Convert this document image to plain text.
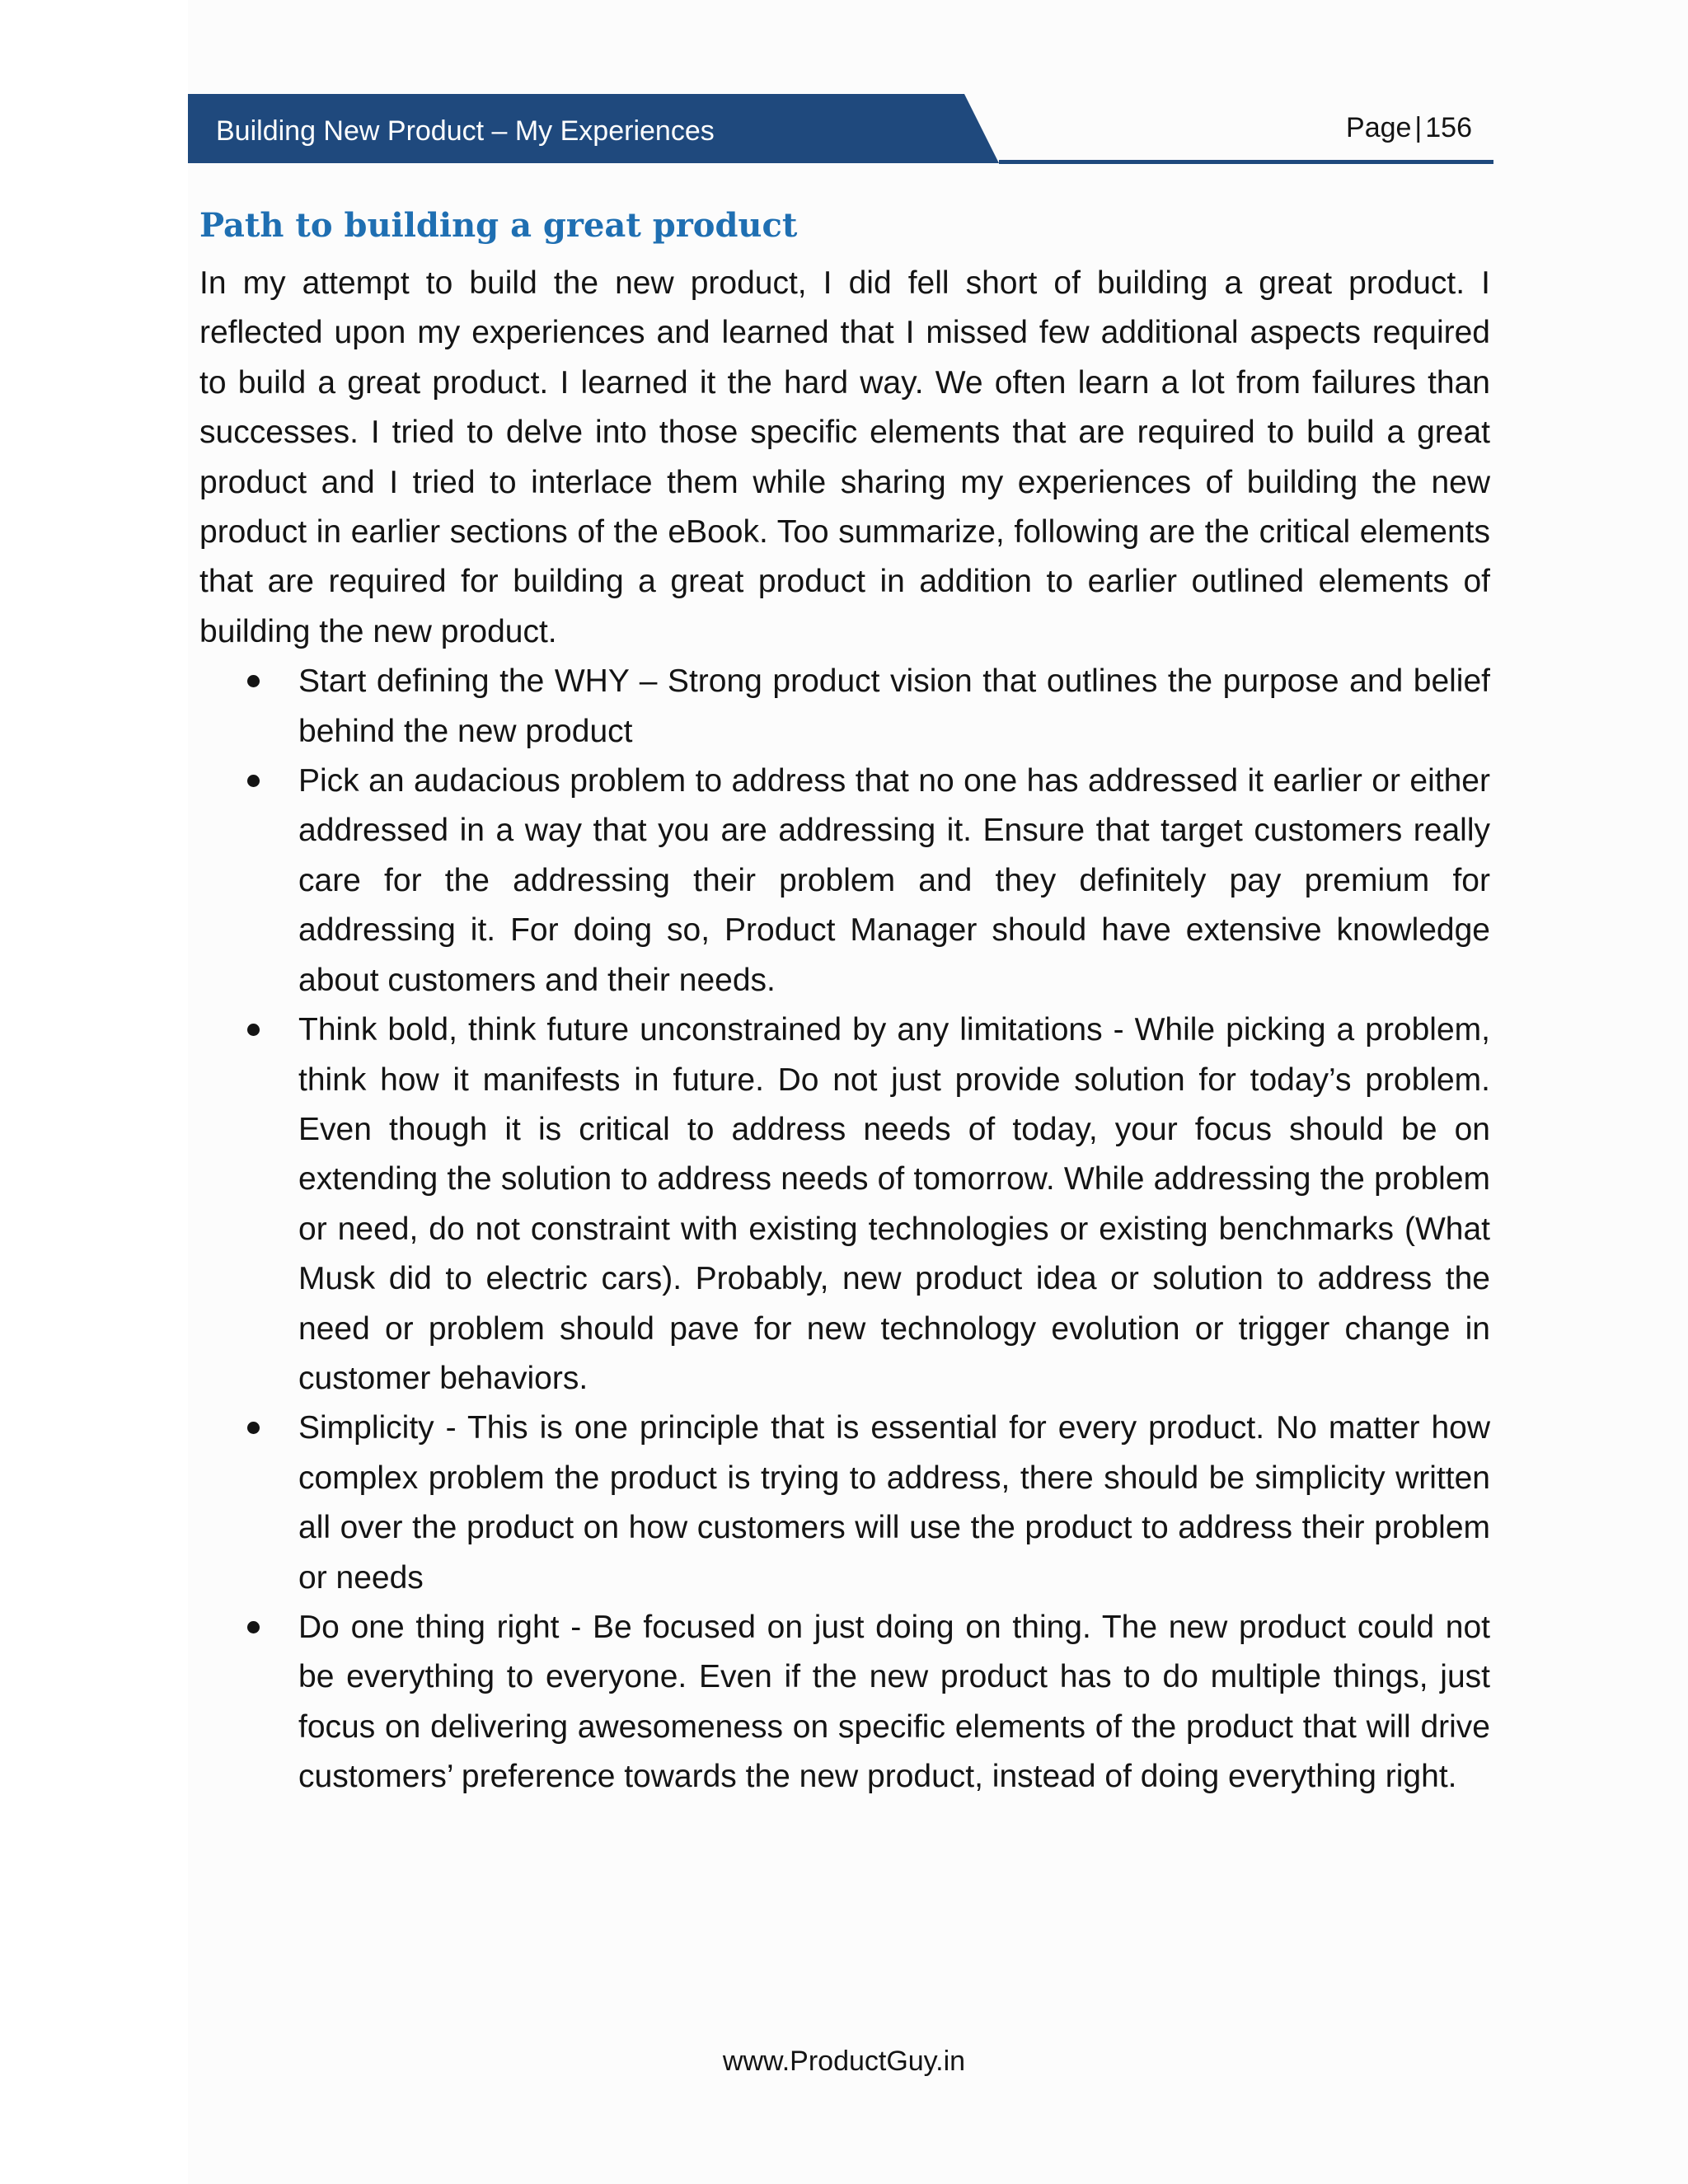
Building New Product – My Experiences	Page | 156
Path to building a great product

In my attempt to build the new product, I did fell short of building a great product. I reflected upon my experiences and learned that I missed few additional aspects required to build a great product. I learned it the hard way. We often learn a lot from failures than successes. I tried to delve into those specific elements that are required to build a great product and I tried to interlace them while sharing my experiences of building the new product in earlier sections of the eBook. Too summarize, following are the critical elements that are required for building a great product in addition to earlier outlined elements of building the new product.

Start defining the WHY – Strong product vision that outlines the purpose and belief behind the new product
Pick an audacious problem to address that no one has addressed it earlier or either addressed in a way that you are addressing it. Ensure that target customers really care for the addressing their problem and they definitely pay premium for addressing it. For doing so, Product Manager should have extensive knowledge about customers and their needs.
Think bold, think future unconstrained by any limitations - While picking a problem, think how it manifests in future. Do not just provide solution for today’s problem. Even though it is critical to address needs of today, your focus should be on extending the solution to address needs of tomorrow. While addressing the problem or need, do not constraint with existing technologies or existing benchmarks (What Musk did to electric cars). Probably, new product idea or solution to address the need or problem should pave for new technology evolution or trigger change in customer behaviors.
Simplicity - This is one principle that is essential for every product. No matter how complex problem the product is trying to address, there should be simplicity written all over the product on how customers will use the product to address their problem or needs
Do one thing right - Be focused on just doing on thing. The new product could not be everything to everyone. Even if the new product has to do multiple things, just focus on delivering awesomeness on specific elements of the product that will drive customers’ preference towards the new product, instead of doing everything right.
www.ProductGuy.in
